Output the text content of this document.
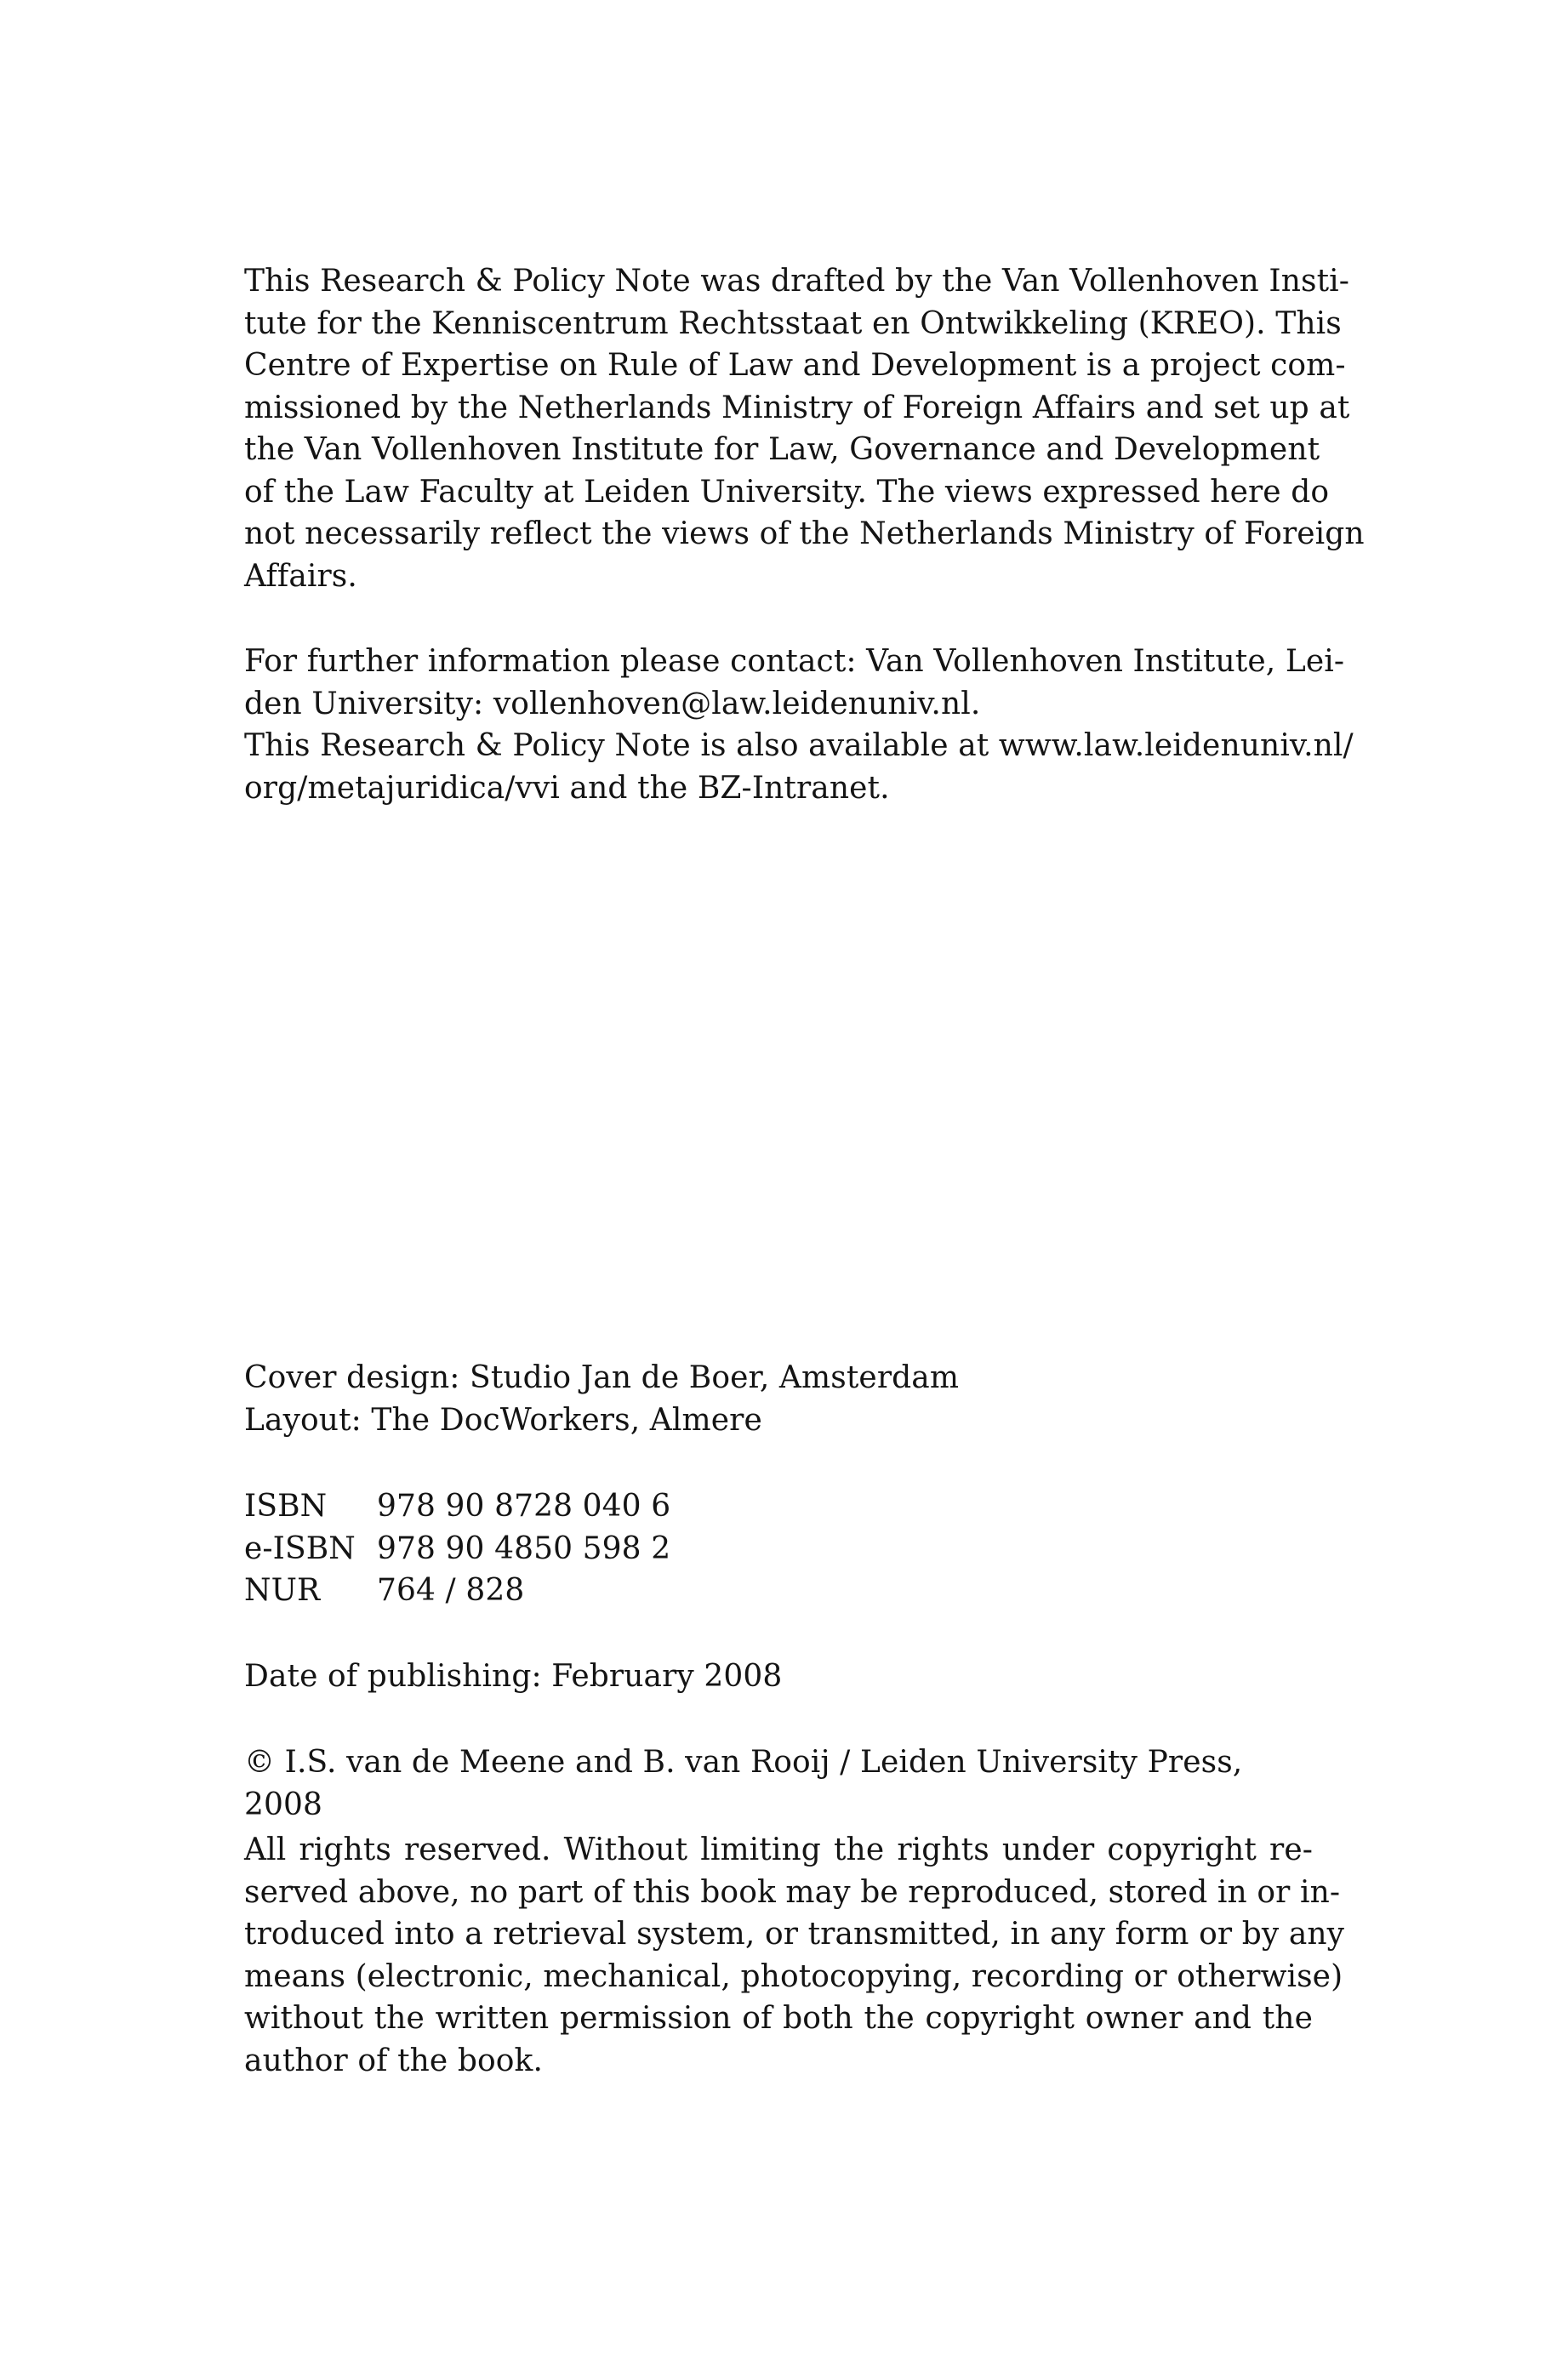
This Research & Policy Note was drafted by the Van Vollenhoven Insti-
tute for the Kenniscentrum Rechtsstaat en Ontwikkeling (KREO). This
Centre of Expertise on Rule of Law and Development is a project com-
missioned by the Netherlands Ministry of Foreign Affairs and set up at
the Van Vollenhoven Institute for Law, Governance and Development
of the Law Faculty at Leiden University. The views expressed here do
not necessarily reflect the views of the Netherlands Ministry of Foreign
Affairs.
For further information please contact: Van Vollenhoven Institute, Lei-
den University: vollenhoven@law.leidenuniv.nl.
This Research & Policy Note is also available at www.law.leidenuniv.nl/
org/metajuridica/vvi and the BZ-Intranet.

Cover design: Studio Jan de Boer, Amsterdam

Layout: The DocWorkers, Almere

ISBN	978 90 8728 040 6
e-ISBN	978 90 4850 598 2
NUR	764 / 828

Date of publishing: February 2008

© I.S. van de Meene and B. van Rooij / Leiden University Press, 2008

All rights reserved. Without limiting the rights under copyright re-
served above, no part of this book may be reproduced, stored in or in-
troduced into a retrieval system, or transmitted, in any form or by any
means (electronic, mechanical, photocopying, recording or otherwise)
without the written permission of both the copyright owner and the
author of the book.
